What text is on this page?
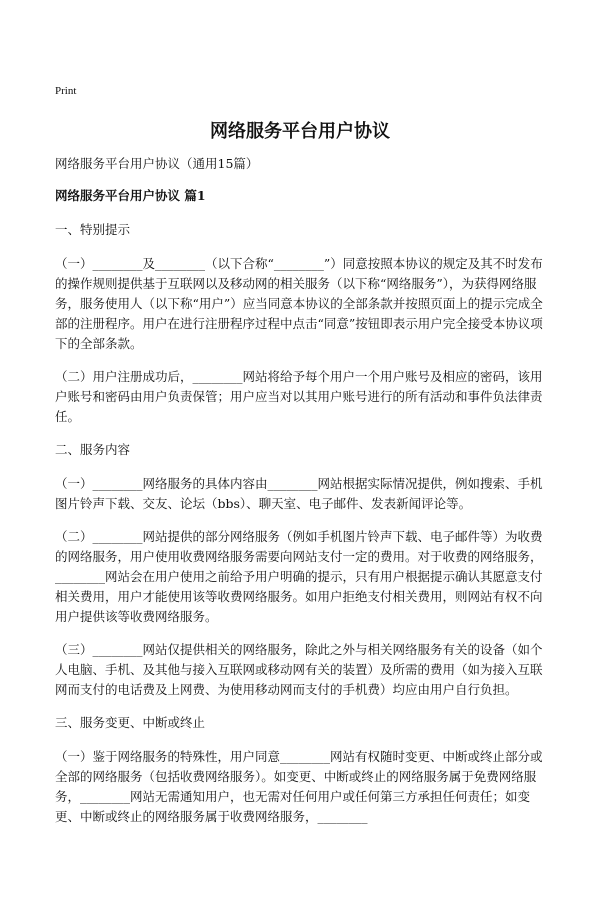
Print
网络服务平台用户协议

网络服务平台用户协议（通用15篇）

网络服务平台用户协议 篇1

一、特别提示

（一）________及________（以下合称“________”）同意按照本协议的规定及其不时发布的操作规则提供基于互联网以及移动网的相关服务（以下称“网络服务”），为获得网络服务，服务使用人（以下称“用户”）应当同意本协议的全部条款并按照页面上的提示完成全部的注册程序。用户在进行注册程序过程中点击“同意”按钮即表示用户完全接受本协议项下的全部条款。

（二）用户注册成功后，________网站将给予每个用户一个用户账号及相应的密码，该用户账号和密码由用户负责保管；用户应当对以其用户账号进行的所有活动和事件负法律责任。

二、服务内容

（一）________网络服务的具体内容由________网站根据实际情况提供，例如搜索、手机图片铃声下载、交友、论坛（bbs）、聊天室、电子邮件、发表新闻评论等。

（二）________网站提供的部分网络服务（例如手机图片铃声下载、电子邮件等）为收费的网络服务，用户使用收费网络服务需要向网站支付一定的费用。对于收费的网络服务，________网站会在用户使用之前给予用户明确的提示，只有用户根据提示确认其愿意支付相关费用，用户才能使用该等收费网络服务。如用户拒绝支付相关费用，则网站有权不向用户提供该等收费网络服务。

（三）________网站仅提供相关的网络服务，除此之外与相关网络服务有关的设备（如个人电脑、手机、及其他与接入互联网或移动网有关的装置）及所需的费用（如为接入互联网而支付的电话费及上网费、为使用移动网而支付的手机费）均应由用户自行负担。

三、服务变更、中断或终止

（一）鉴于网络服务的特殊性，用户同意________网站有权随时变更、中断或终止部分或全部的网络服务（包括收费网络服务）。如变更、中断或终止的网络服务属于免费网络服务，________网站无需通知用户，也无需对任何用户或任何第三方承担任何责任；如变更、中断或终止的网络服务属于收费网络服务，________
